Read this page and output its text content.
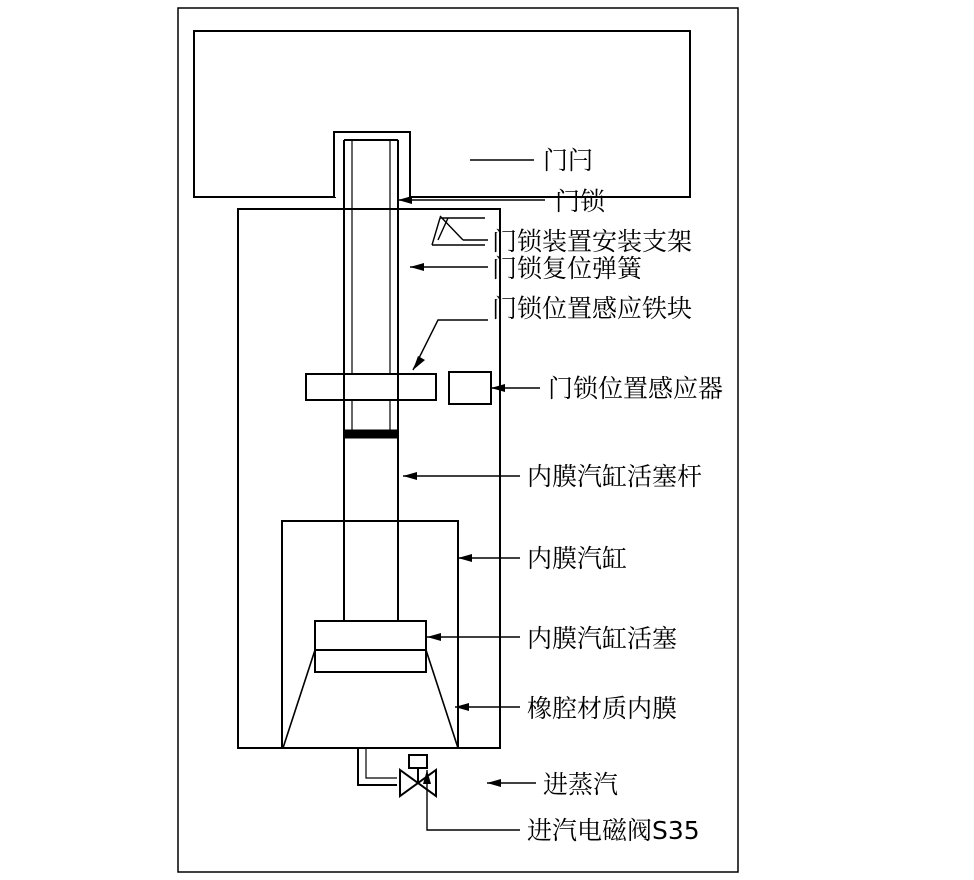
门闩
门锁
门锁装置安装支架
门锁复位弹簧
门锁位置感应铁块
门锁位置感应器
内膜汽缸活塞杆
内膜汽缸
内膜汽缸活塞
橡腔材质内膜
进蒸汽
进汽电磁阀S35
